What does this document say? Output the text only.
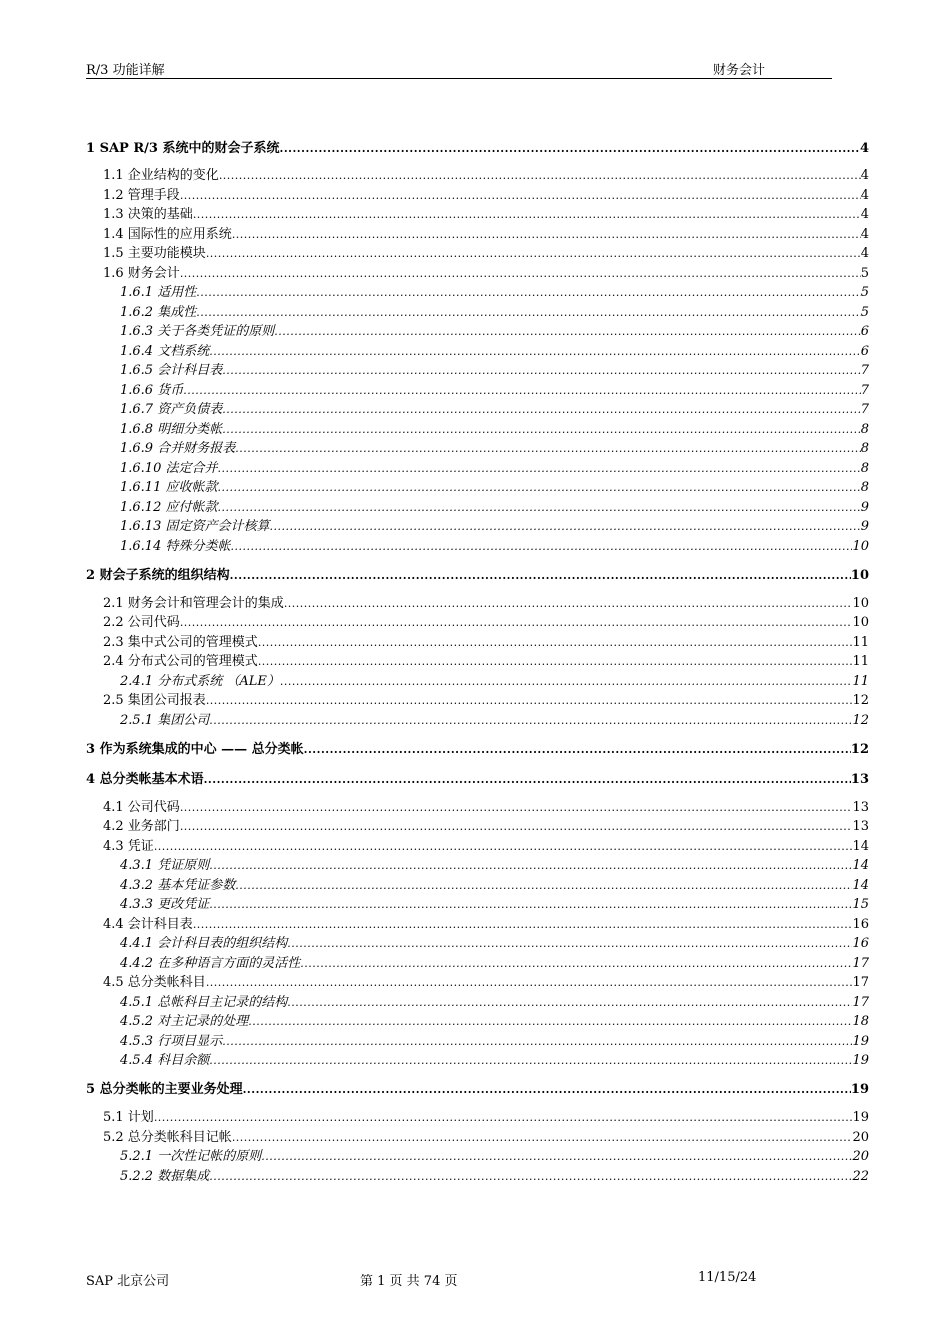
R/3 功能详解	财务会计
1 SAP R/3 系统中的财会子系统 .....	4
1.1 企业结构的变化 .....	4
1.2 管理手段 .....	4
1.3 决策的基础 .....	4
1.4 国际性的应用系统 .....	4
1.5 主要功能模块 .....	4
1.6 财务会计 .....	5
1.6.1 适用性 .....	5
1.6.2 集成性 .....	5
1.6.3 关于各类凭证的原则 .....	6
1.6.4 文档系统 .....	6
1.6.5 会计科目表 .....	7
1.6.6 货币 .....	7
1.6.7 资产负债表 .....	7
1.6.8 明细分类帐 .....	8
1.6.9 合并财务报表 .....	8
1.6.10 法定合并 .....	8
1.6.11 应收帐款 .....	8
1.6.12 应付帐款 .....	9
1.6.13 固定资产会计核算 .....	9
1.6.14 特殊分类帐 .....	10
2 财会子系统的组织结构 .....	10
2.1 财务会计和管理会计的集成 .....	10
2.2 公司代码 .....	10
2.3 集中式公司的管理模式 .....	11
2.4 分布式公司的管理模式 .....	11
2.4.1 分布式系统 （ALE） .....	11
2.5 集团公司报表 .....	12
2.5.1 集团公司 .....	12
3 作为系统集成的中心 —— 总分类帐 .....	12
4 总分类帐基本术语 .....	13
4.1 公司代码 .....	13
4.2 业务部门 .....	13
4.3 凭证 .....	14
4.3.1 凭证原则 .....	14
4.3.2 基本凭证参数 .....	14
4.3.3 更改凭证 .....	15
4.4 会计科目表 .....	16
4.4.1 会计科目表的组织结构 .....	16
4.4.2 在多种语言方面的灵活性 .....	17
4.5 总分类帐科目 .....	17
4.5.1 总帐科目主记录的结构 .....	17
4.5.2 对主记录的处理 .....	18
4.5.3 行项目显示 .....	19
4.5.4 科目余额 .....	19
5 总分类帐的主要业务处理 .....	19
5.1 计划 .....	19
5.2 总分类帐科目记帐 .....	20
5.2.1 一次性记帐的原则 .....	20
5.2.2 数据集成 .....	22
SAP 北京公司	第 1 页 共 74 页	11/15/24
